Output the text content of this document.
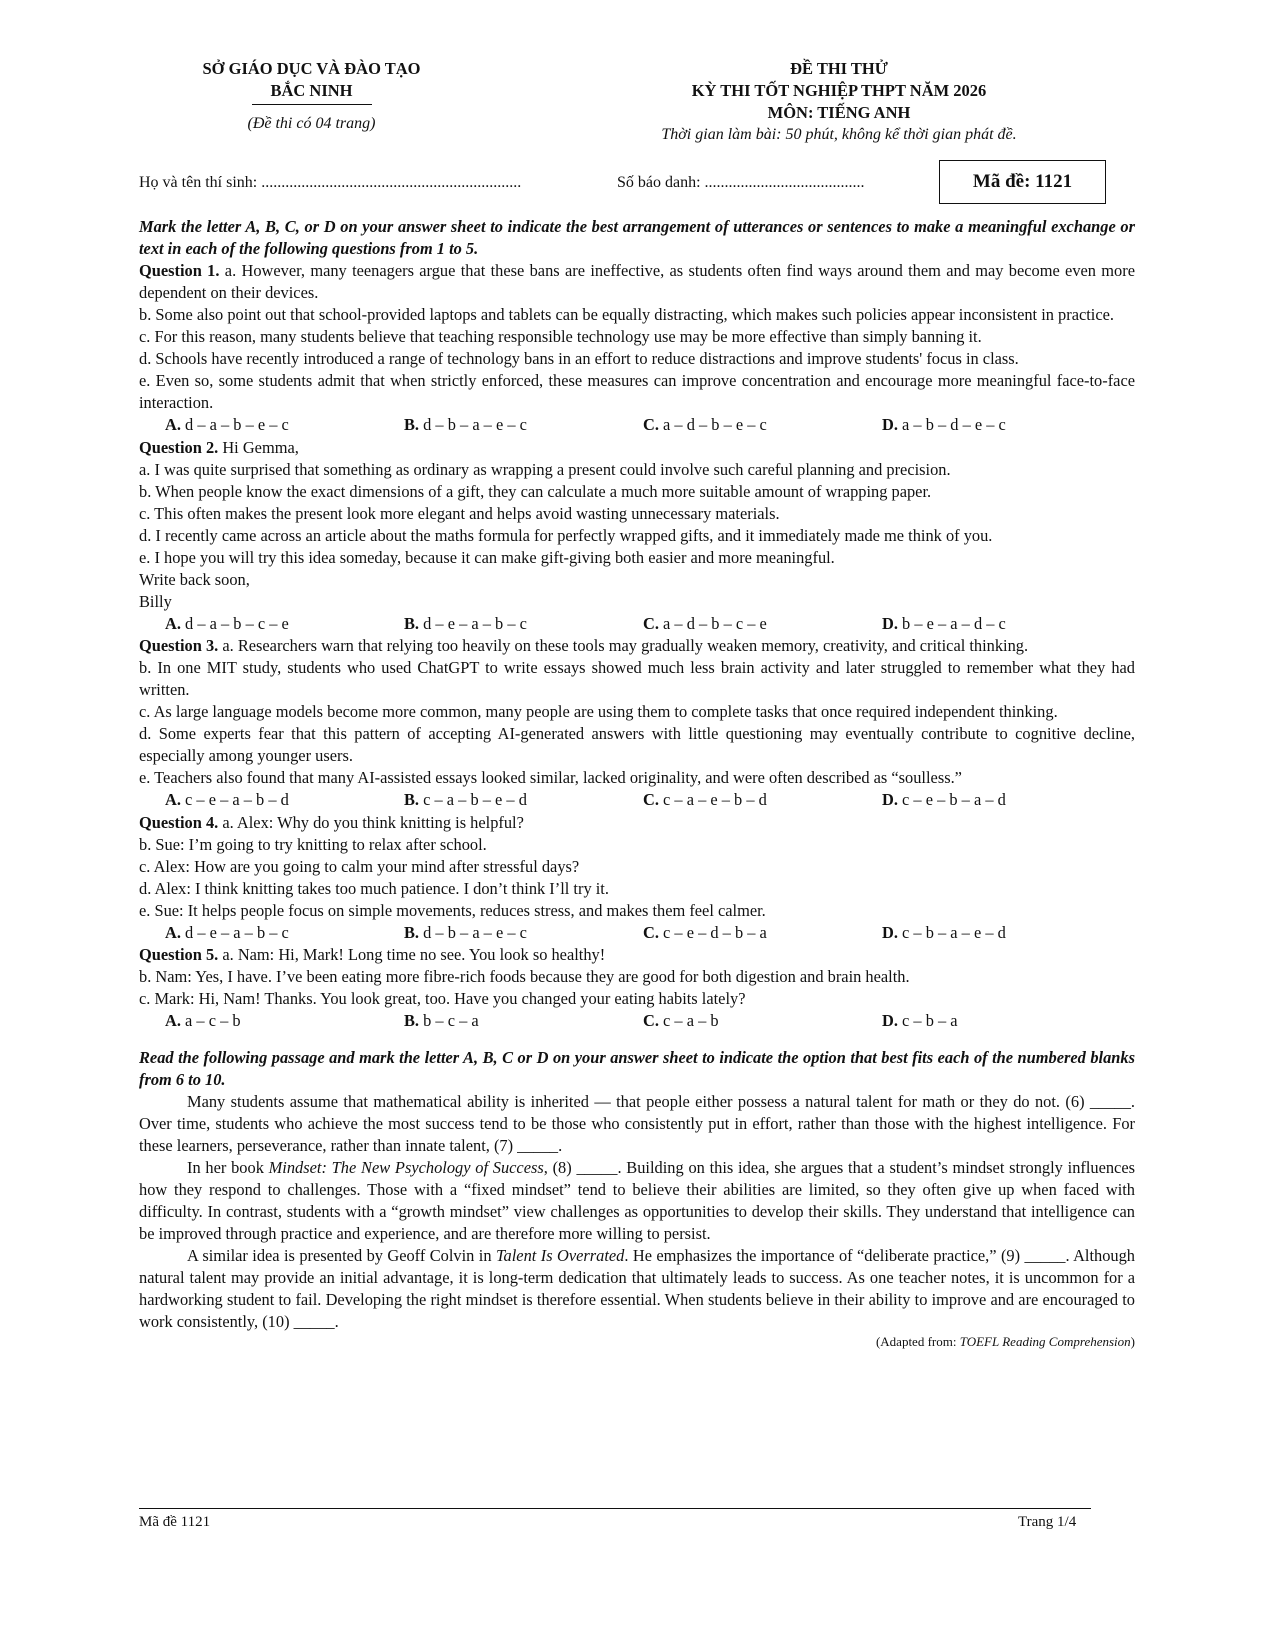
SỞ GIÁO DỤC VÀ ĐÀO TẠO
BẮC NINH
(Đề thi có 04 trang)
ĐỀ THI THỬ
KỲ THI TỐT NGHIỆP THPT NĂM 2026
MÔN: TIẾNG ANH
Thời gian làm bài: 50 phút, không kể thời gian phát đề.
Họ và tên thí sinh: .................................................................	Số báo danh: ........................................	Mã đề: 1121
Mark the letter A, B, C, or D on your answer sheet to indicate the best arrangement of utterances or sentences to make a meaningful exchange or text in each of the following questions from 1 to 5.
Question 1. a. However, many teenagers argue that these bans are ineffective, as students often find ways around them and may become even more dependent on their devices.
b. Some also point out that school-provided laptops and tablets can be equally distracting, which makes such policies appear inconsistent in practice.
c. For this reason, many students believe that teaching responsible technology use may be more effective than simply banning it.
d. Schools have recently introduced a range of technology bans in an effort to reduce distractions and improve students' focus in class.
e. Even so, some students admit that when strictly enforced, these measures can improve concentration and encourage more meaningful face-to-face interaction.
A. d – a – b – e – c	B. d – b – a – e – c	C. a – d – b – e – c	D. a – b – d – e – c
Question 2. Hi Gemma,
a. I was quite surprised that something as ordinary as wrapping a present could involve such careful planning and precision.
b. When people know the exact dimensions of a gift, they can calculate a much more suitable amount of wrapping paper.
c. This often makes the present look more elegant and helps avoid wasting unnecessary materials.
d. I recently came across an article about the maths formula for perfectly wrapped gifts, and it immediately made me think of you.
e. I hope you will try this idea someday, because it can make gift-giving both easier and more meaningful.
Write back soon,
Billy
A. d – a – b – c – e	B. d – e – a – b – c	C. a – d – b – c – e	D. b – e – a – d – c
Question 3. a. Researchers warn that relying too heavily on these tools may gradually weaken memory, creativity, and critical thinking.
b. In one MIT study, students who used ChatGPT to write essays showed much less brain activity and later struggled to remember what they had written.
c. As large language models become more common, many people are using them to complete tasks that once required independent thinking.
d. Some experts fear that this pattern of accepting AI-generated answers with little questioning may eventually contribute to cognitive decline, especially among younger users.
e. Teachers also found that many AI-assisted essays looked similar, lacked originality, and were often described as “soulless.”
A. c – e – a – b – d	B. c – a – b – e – d	C. c – a – e – b – d	D. c – e – b – a – d
Question 4. a. Alex: Why do you think knitting is helpful?
b. Sue: I’m going to try knitting to relax after school.
c. Alex: How are you going to calm your mind after stressful days?
d. Alex: I think knitting takes too much patience. I don’t think I’ll try it.
e. Sue: It helps people focus on simple movements, reduces stress, and makes them feel calmer.
A. d – e – a – b – c	B. d – b – a – e – c	C. c – e – d – b – a	D. c – b – a – e – d
Question 5. a. Nam: Hi, Mark! Long time no see. You look so healthy!
b. Nam: Yes, I have. I’ve been eating more fibre-rich foods because they are good for both digestion and brain health.
c. Mark: Hi, Nam! Thanks. You look great, too. Have you changed your eating habits lately?
A. a – c – b	B. b – c – a	C. c – a – b	D. c – b – a
Read the following passage and mark the letter A, B, C or D on your answer sheet to indicate the option that best fits each of the numbered blanks from 6 to 10.
Many students assume that mathematical ability is inherited — that people either possess a natural talent for math or they do not. (6) _____. Over time, students who achieve the most success tend to be those who consistently put in effort, rather than those with the highest intelligence. For these learners, perseverance, rather than innate talent, (7) _____.
In her book Mindset: The New Psychology of Success, (8) _____. Building on this idea, she argues that a student’s mindset strongly influences how they respond to challenges. Those with a “fixed mindset” tend to believe their abilities are limited, so they often give up when faced with difficulty. In contrast, students with a “growth mindset” view challenges as opportunities to develop their skills. They understand that intelligence can be improved through practice and experience, and are therefore more willing to persist.
A similar idea is presented by Geoff Colvin in Talent Is Overrated. He emphasizes the importance of “deliberate practice,” (9) _____. Although natural talent may provide an initial advantage, it is long-term dedication that ultimately leads to success. As one teacher notes, it is uncommon for a hardworking student to fail. Developing the right mindset is therefore essential. When students believe in their ability to improve and are encouraged to work consistently, (10) _____.
(Adapted from: TOEFL Reading Comprehension)
Mã đề 1121	Trang 1/4
